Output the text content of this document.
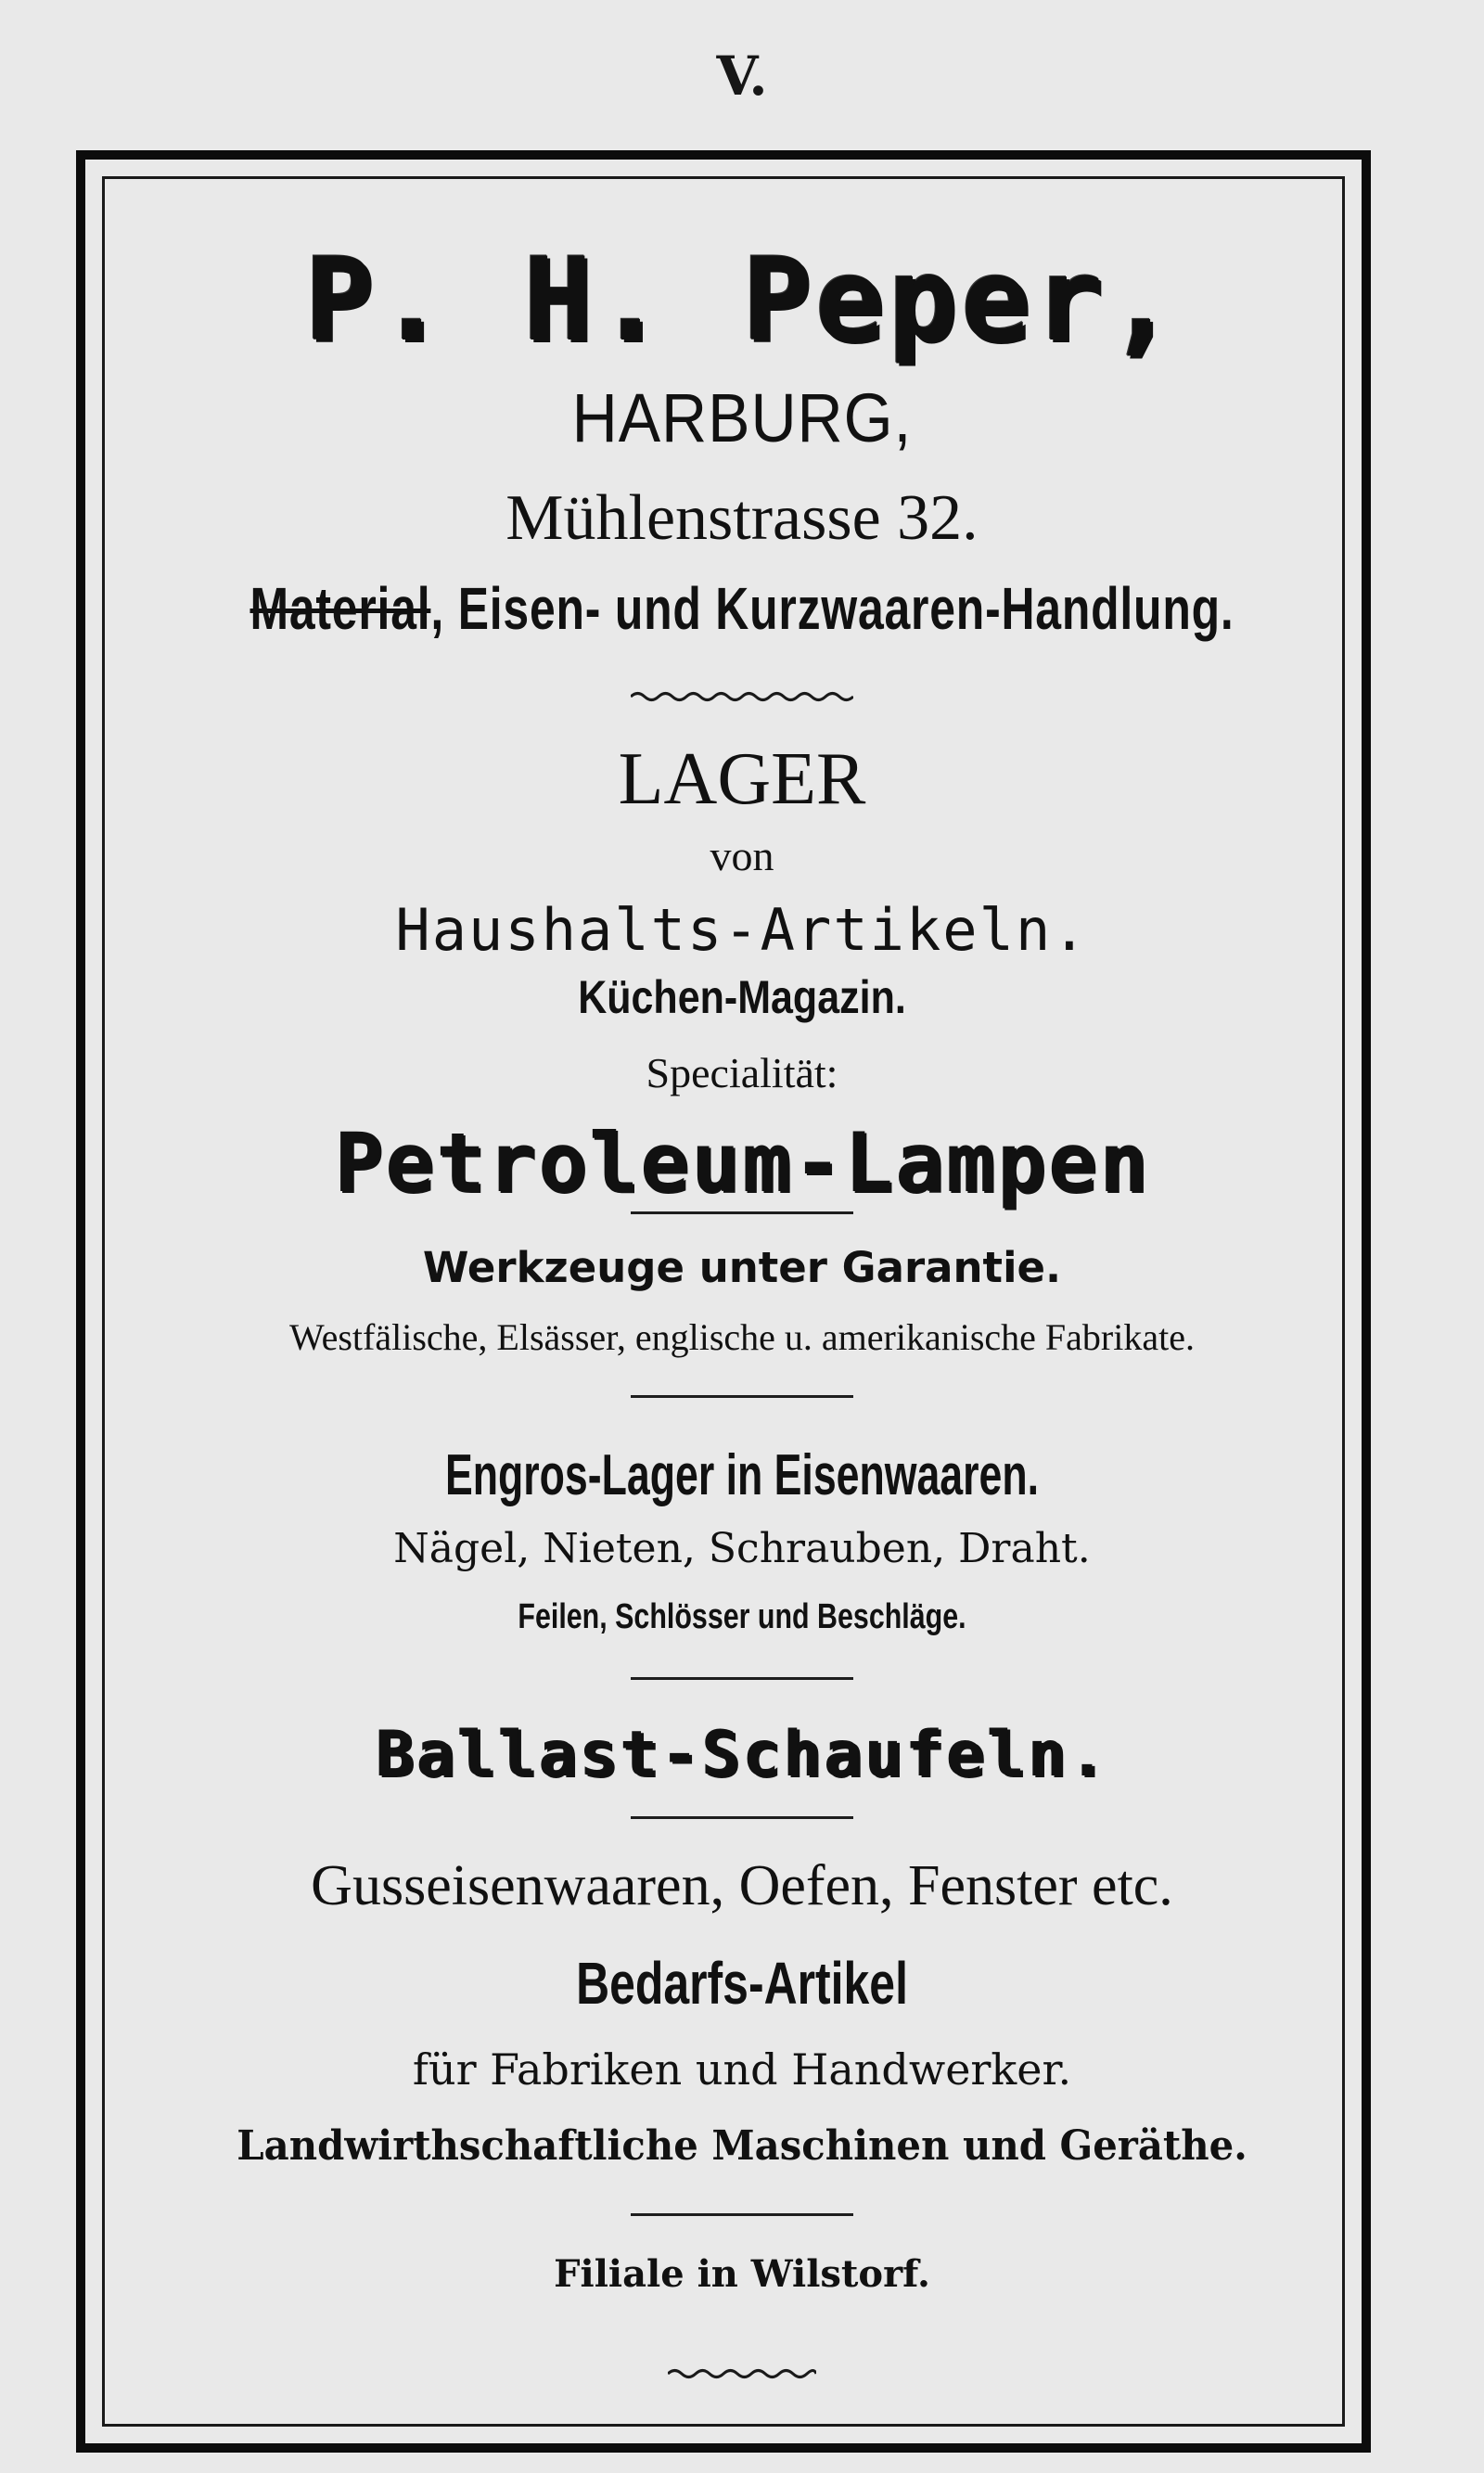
V.
P. H. Peper,
HARBURG,
Mühlenstrasse 32.
Material, Eisen- und Kurzwaaren-Handlung.
LAGER
von
Haushalts-Artikeln.
Küchen-Magazin.
Specialität:
Petroleum-Lampen
Werkzeuge unter Garantie.
Westfälische, Elsässer, englische u. amerikanische Fabrikate.
Engros-Lager in Eisenwaaren.
Nägel, Nieten, Schrauben, Draht.
Feilen, Schlösser und Beschläge.
Ballast-Schaufeln.
Gusseisenwaaren, Oefen, Fenster etc.
Bedarfs-Artikel
für Fabriken und Handwerker.
Landwirthschaftliche Maschinen und Geräthe.
Filiale in Wilstorf.
